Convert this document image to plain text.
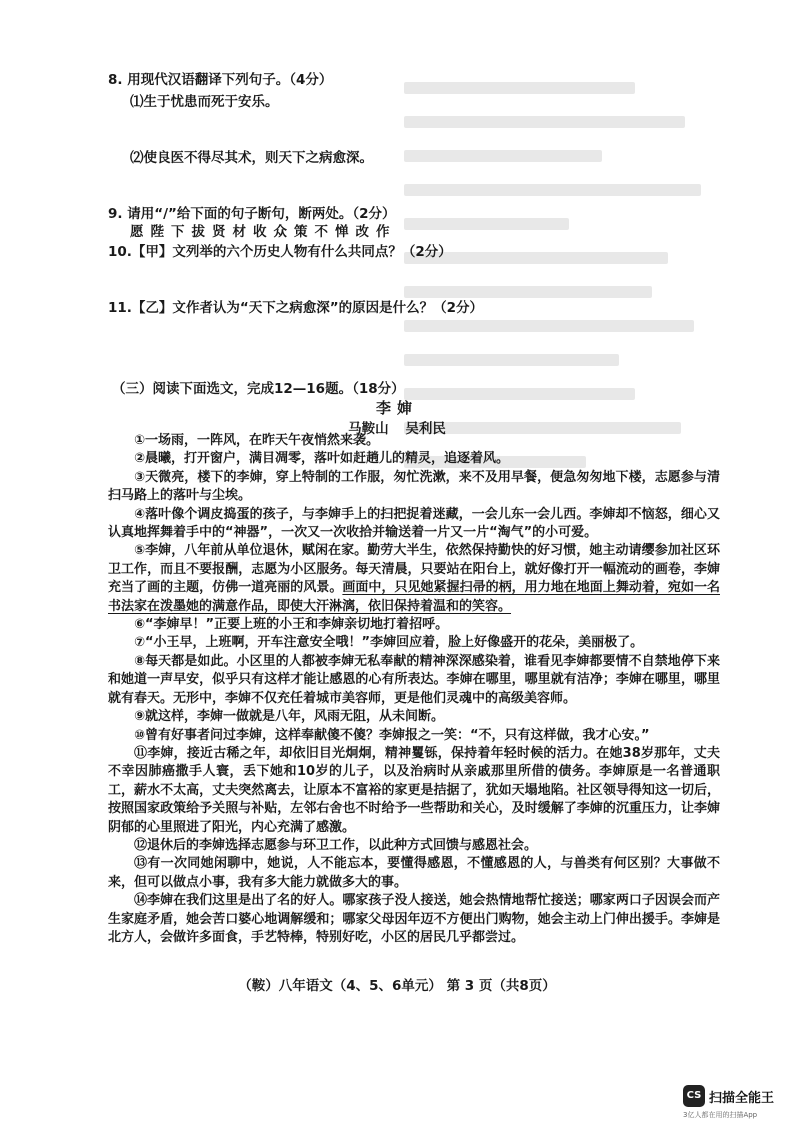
8. 用现代汉语翻译下列句子。（4分）
⑴生于忧患而死于安乐。
⑵使良医不得尽其术，则天下之病愈深。
9. 请用“/”给下面的句子断句，断两处。（2分）
愿陛下拔贤材收众策不惮改作
10.【甲】文列举的六个历史人物有什么共同点？（2分）
11.【乙】文作者认为“天下之病愈深”的原因是什么？（2分）
（三）阅读下面选文，完成12—16题。（18分）
李婶
马鞍山 吴利民

①一场雨，一阵风，在昨天午夜悄然来袭。

②晨曦，打开窗户，满目凋零，落叶如赶趟儿的精灵，追逐着风。

③天微亮，楼下的李婶，穿上特制的工作服，匆忙洗漱，来不及用早餐，便急匆匆地下楼，志愿参与清扫马路上的落叶与尘埃。

④落叶像个调皮捣蛋的孩子，与李婶手上的扫把捉着迷藏，一会儿东一会儿西。李婶却不恼怒，细心又认真地挥舞着手中的“神器”，一次又一次收拾并输送着一片又一片“淘气”的小可爱。

⑤李婶，八年前从单位退休，赋闲在家。勤劳大半生，依然保持勤快的好习惯，她主动请缨参加社区环卫工作，而且不要报酬，志愿为小区服务。每天清晨，只要站在阳台上，就好像打开一幅流动的画卷，李婶充当了画的主题，仿佛一道亮丽的风景。画面中，只见她紧握扫帚的柄，用力地在地面上舞动着，宛如一名书法家在泼墨她的满意作品，即使大汗淋漓，依旧保持着温和的笑容。

⑥“李婶早！”正要上班的小王和李婶亲切地打着招呼。

⑦“小王早，上班啊，开车注意安全哦！”李婶回应着，脸上好像盛开的花朵，美丽极了。

⑧每天都是如此。小区里的人都被李婶无私奉献的精神深深感染着，谁看见李婶都要情不自禁地停下来和她道一声早安，似乎只有这样才能让感恩的心有所表达。李婶在哪里，哪里就有洁净；李婶在哪里，哪里就有春天。无形中，李婶不仅充任着城市美容师，更是他们灵魂中的高级美容师。

⑨就这样，李婶一做就是八年，风雨无阻，从未间断。

⑩曾有好事者问过李婶，这样奉献傻不傻？李婶报之一笑：“不，只有这样做，我才心安。”

⑪李婶，接近古稀之年，却依旧目光炯炯，精神矍铄，保持着年轻时候的活力。在她38岁那年，丈夫不幸因肺癌撒手人寰，丢下她和10岁的儿子，以及治病时从亲戚那里所借的债务。李婶原是一名普通职工，薪水不太高，丈夫突然离去，让原本不富裕的家更是拮据了，犹如天塌地陷。社区领导得知这一切后，按照国家政策给予关照与补贴，左邻右舍也不时给予一些帮助和关心，及时缓解了李婶的沉重压力，让李婶阴郁的心里照进了阳光，内心充满了感激。

⑫退休后的李婶选择志愿参与环卫工作，以此种方式回馈与感恩社会。

⑬有一次同她闲聊中，她说，人不能忘本，要懂得感恩，不懂感恩的人，与兽类有何区别？大事做不来，但可以做点小事，我有多大能力就做多大的事。

⑭李婶在我们这里是出了名的好人。哪家孩子没人接送，她会热情地帮忙接送；哪家两口子因误会而产生家庭矛盾，她会苦口婆心地调解缓和；哪家父母因年迈不方便出门购物，她会主动上门伸出援手。李婶是北方人，会做许多面食，手艺特棒，特别好吃，小区的居民几乎都尝过。

（鞍）八年语文（4、5、6单元） 第 3 页（共8页）
CS 扫描全能王
3亿人都在用的扫描App
